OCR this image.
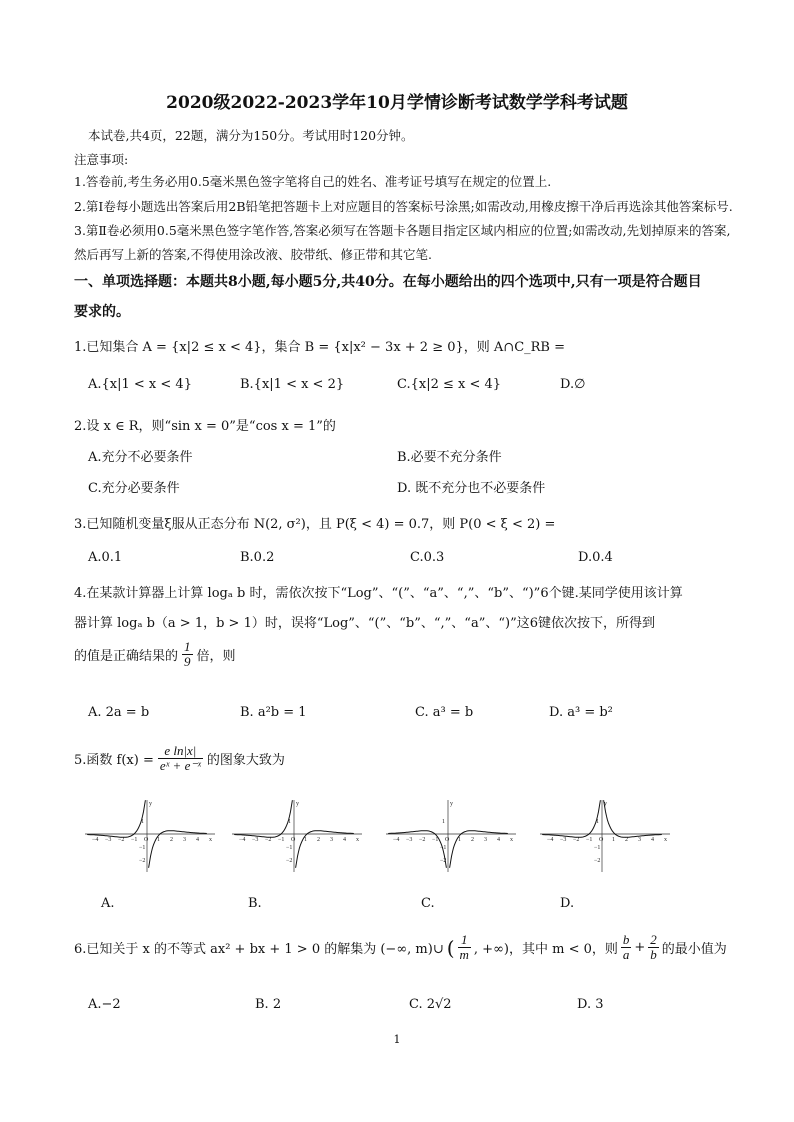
2020级2022-2023学年10月学情诊断考试数学学科考试题
本试卷,共4页，22题，满分为150分。考试用时120分钟。
注意事项:
1.答卷前,考生务必用0.5毫米黑色签字笔将自己的姓名、准考证号填写在规定的位置上.
2.第Ⅰ卷每小题选出答案后用2B铅笔把答题卡上对应题目的答案标号涂黑;如需改动,用橡皮擦干净后再选涂其他答案标号.
3.第Ⅱ卷必须用0.5毫米黑色签字笔作答,答案必须写在答题卡各题目指定区域内相应的位置;如需改动,先划掉原来的答案,
然后再写上新的答案,不得使用涂改液、胶带纸、修正带和其它笔.
一、单项选择题：本题共8小题,每小题5分,共40分。在每小题给出的四个选项中,只有一项是符合题目
要求的。
1.已知集合 A = {x|2 ≤ x < 4}，集合 B = {x|x² − 3x + 2 ≥ 0}，则 A∩C_RB =
A.{x|1 < x < 4}	B.{x|1 < x < 2}	C.{x|2 ≤ x < 4}	D.∅
2.设 x ∈ R，则“sin x = 0”是“cos x = 1”的
A.充分不必要条件	B.必要不充分条件
C.充分必要条件	D. 既不充分也不必要条件
3.已知随机变量ξ服从正态分布 N(2, σ²)，且 P(ξ < 4) = 0.7，则 P(0 < ξ < 2) =
A.0.1	B.0.2	C.0.3	D.0.4
4.在某款计算器上计算 logₐ b 时，需依次按下“Log”、“(”、“a”、“,”、“b”、“)”6个键.某同学使用该计算
器计算 logₐ b（a > 1，b > 1）时，误将“Log”、“(”、“b”、“,”、“a”、“)”这6键依次按下，所得到
的值是正确结果的 $\frac{1}{9}$ 倍，则
A. 2a = b	B. a²b = 1	C. a³ = b	D. a³ = b²
5.函数 $f(x) = \frac{\text{e ln|x|}}{\text{eˣ + e⁻ˣ}}$ 的图象大致为
−4 −3 −2 −1 O 1 2 3 4 x
y
1
−1
−2
−4 −3 −2 −1 O 1 2 3 4 x
y
1
−1
−2
−4 −3 −2 −1 O 1 2 3 4 x
y
1
−1
−2
−4 −3 −2 −1 O 1 2 3 4 x
y
1
−1
−2
A.	B.	C.	D.
6.已知关于 x 的不等式 ax² + bx + 1 > 0 的解集为 (−∞, m)∪ ( $\frac{1}{m}$ , +∞)，其中 m < 0，则 $\frac{b}{a} + \frac{2}{b}$ 的最小值为
A.−2	B. 2	C. 2√2	D. 3
1
